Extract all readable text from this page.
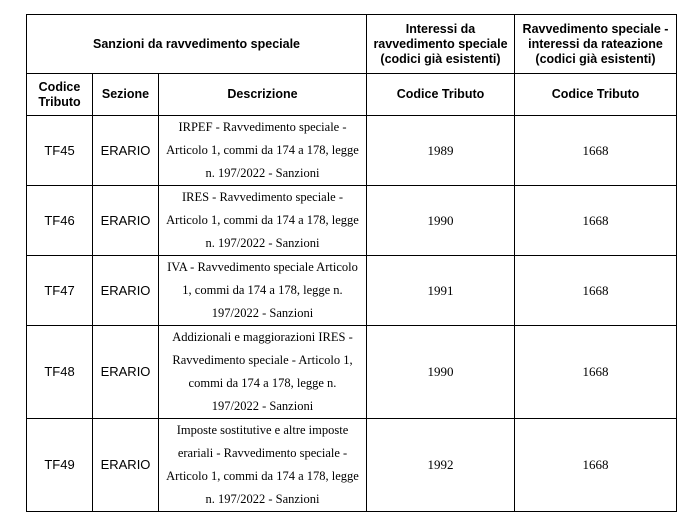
Sanzioni da ravvedimento speciale			Interessi da ravvedimento speciale (codici già esistenti)	Ravvedimento speciale - interessi da rateazione (codici già esistenti)
Codice Tributo	Sezione	Descrizione	Codice Tributo	Codice Tributo
TF45	ERARIO	IRPEF - Ravvedimento speciale - Articolo 1, commi da 174 a 178, legge n. 197/2022 - Sanzioni	1989	1668
TF46	ERARIO	IRES - Ravvedimento speciale - Articolo 1, commi da 174 a 178, legge n. 197/2022 - Sanzioni	1990	1668
TF47	ERARIO	IVA - Ravvedimento speciale Articolo 1, commi da 174 a 178, legge n. 197/2022 - Sanzioni	1991	1668
TF48	ERARIO	Addizionali e maggiorazioni IRES - Ravvedimento speciale - Articolo 1, commi da 174 a 178, legge n. 197/2022 - Sanzioni	1990	1668
TF49	ERARIO	Imposte sostitutive e altre imposte erariali - Ravvedimento speciale - Articolo 1, commi da 174 a 178, legge n. 197/2022 - Sanzioni	1992	1668
